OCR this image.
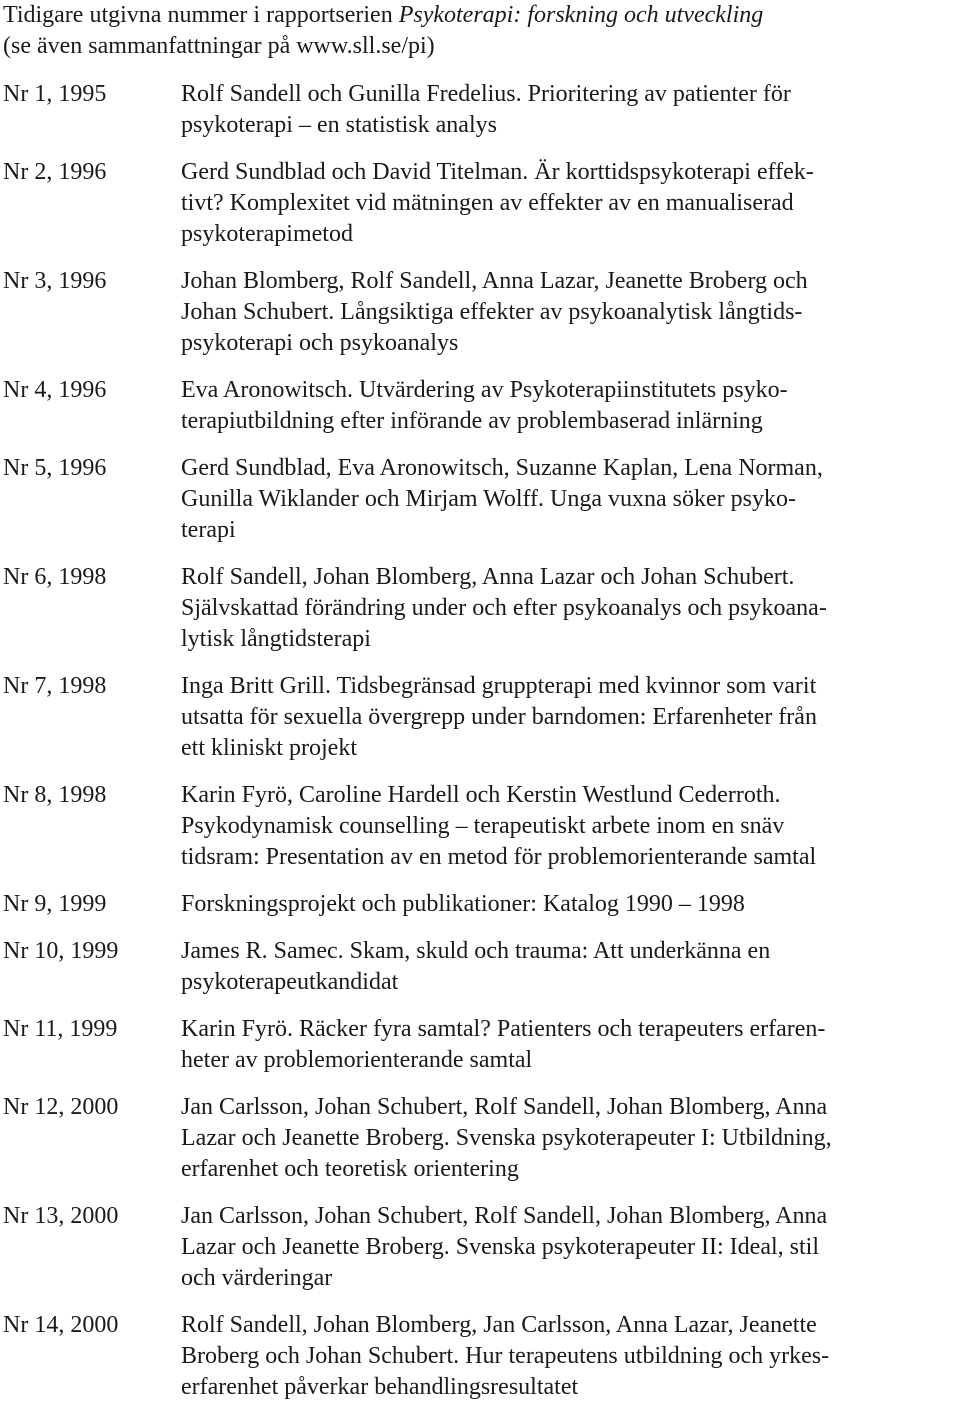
Tidigare utgivna nummer i rapportserien Psykoterapi: forskning och utveckling
(se även sammanfattningar på www.sll.se/pi)
Nr 1, 1995	Rolf Sandell och Gunilla Fredelius. Prioritering av patienter för
psykoterapi – en statistisk analys
Nr 2, 1996	Gerd Sundblad och David Titelman. Är korttidspsykoterapi effek-
tivt? Komplexitet vid mätningen av effekter av en manualiserad
psykoterapimetod
Nr 3, 1996	Johan Blomberg, Rolf Sandell, Anna Lazar, Jeanette Broberg och
Johan Schubert. Långsiktiga effekter av psykoanalytisk långtids-
psykoterapi och psykoanalys
Nr 4, 1996	Eva Aronowitsch. Utvärdering av Psykoterapiinstitutets psyko-
terapiutbildning efter införande av problembaserad inlärning
Nr 5, 1996	Gerd Sundblad, Eva Aronowitsch, Suzanne Kaplan, Lena Norman,
Gunilla Wiklander och Mirjam Wolff. Unga vuxna söker psyko-
terapi
Nr 6, 1998	Rolf Sandell, Johan Blomberg, Anna Lazar och Johan Schubert.
Självskattad förändring under och efter psykoanalys och psykoana-
lytisk långtidsterapi
Nr 7, 1998	Inga Britt Grill. Tidsbegränsad gruppterapi med kvinnor som varit
utsatta för sexuella övergrepp under barndomen: Erfarenheter från
ett kliniskt projekt
Nr 8, 1998	Karin Fyrö, Caroline Hardell och Kerstin Westlund Cederroth.
Psykodynamisk counselling – terapeutiskt arbete inom en snäv
tidsram: Presentation av en metod för problemorienterande samtal
Nr 9, 1999	Forskningsprojekt och publikationer: Katalog 1990 – 1998
Nr 10, 1999	James R. Samec. Skam, skuld och trauma: Att underkänna en
psykoterapeutkandidat
Nr 11, 1999	Karin Fyrö. Räcker fyra samtal? Patienters och terapeuters erfaren-
heter av problemorienterande samtal
Nr 12, 2000	Jan Carlsson, Johan Schubert, Rolf Sandell, Johan Blomberg, Anna
Lazar och Jeanette Broberg. Svenska psykoterapeuter I: Utbildning,
erfarenhet och teoretisk orientering
Nr 13, 2000	Jan Carlsson, Johan Schubert, Rolf Sandell, Johan Blomberg, Anna
Lazar och Jeanette Broberg. Svenska psykoterapeuter II: Ideal, stil
och värderingar
Nr 14, 2000	Rolf Sandell, Johan Blomberg, Jan Carlsson, Anna Lazar, Jeanette
Broberg och Johan Schubert. Hur terapeutens utbildning och yrkes-
erfarenhet påverkar behandlingsresultatet
